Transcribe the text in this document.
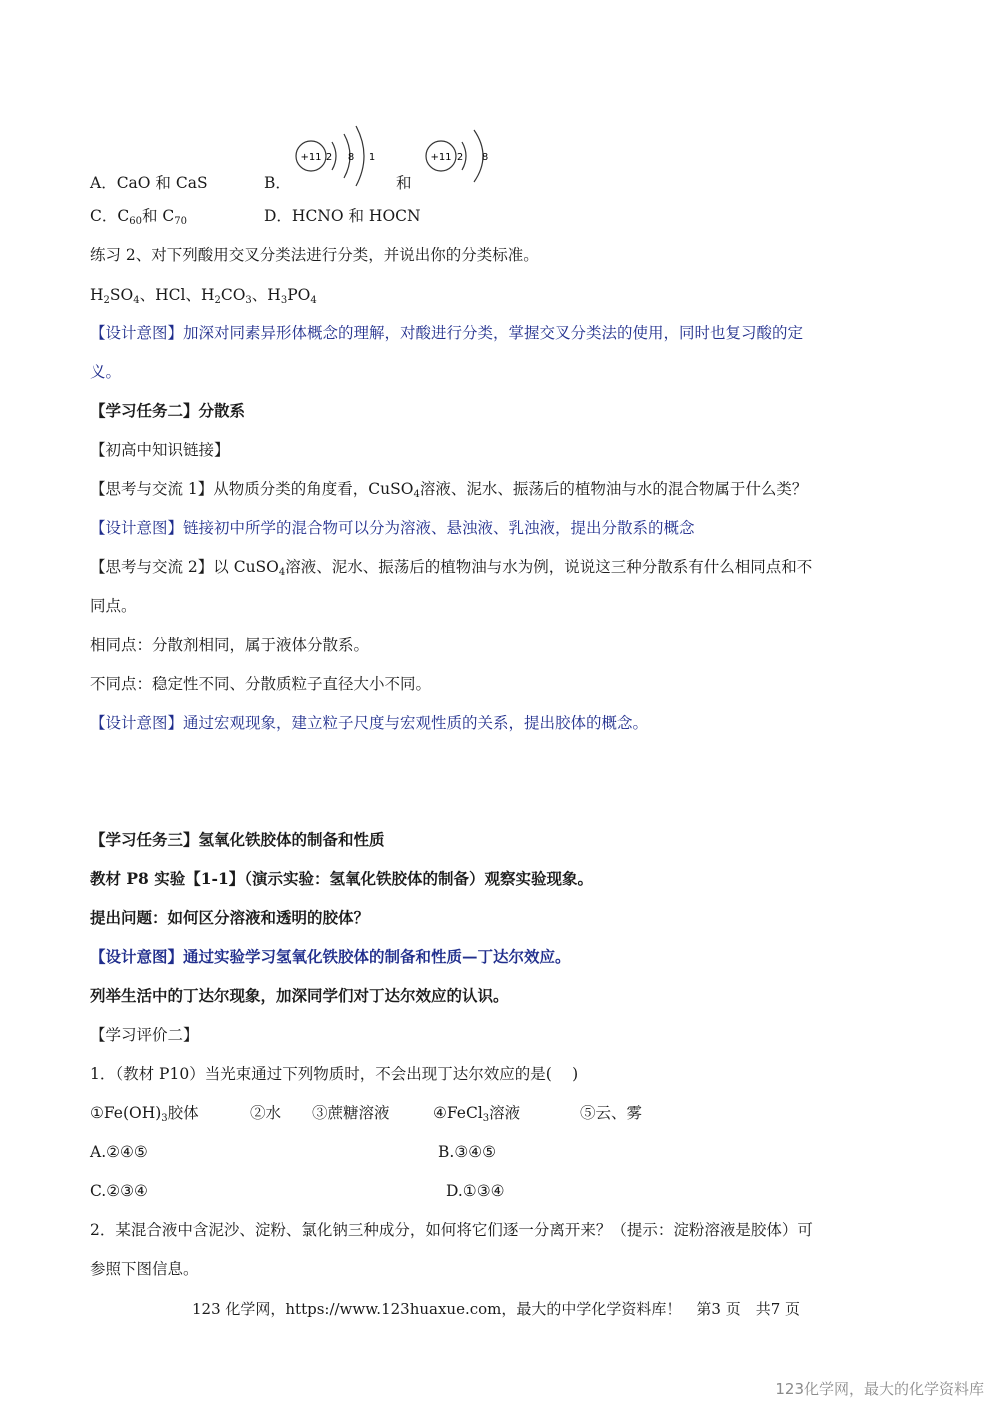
A．CaO 和 CaS	B．
+11 2 8 1
和
+11 2 8
C．$C_{60}$和 $C_{70}$	D．HCNO 和 HOCN
练习 2、对下列酸用交叉分类法进行分类，并说出你的分类标准。
$H_2SO_4$、HCl、$H_2CO_3$、$H_3PO_4$
【设计意图】加深对同素异形体概念的理解，对酸进行分类，掌握交叉分类法的使用，同时也复习酸的定
义。
【学习任务二】分散系
【初高中知识链接】
【思考与交流 1】从物质分类的角度看，CuSO$_4$溶液、泥水、振荡后的植物油与水的混合物属于什么类？
【设计意图】链接初中所学的混合物可以分为溶液、悬浊液、乳浊液，提出分散系的概念
【思考与交流 2】以 CuSO$_4$溶液、泥水、振荡后的植物油与水为例，说说这三种分散系有什么相同点和不
同点。
相同点：分散剂相同，属于液体分散系。
不同点：稳定性不同、分散质粒子直径大小不同。
【设计意图】通过宏观现象，建立粒子尺度与宏观性质的关系，提出胶体的概念。
【学习任务三】氢氧化铁胶体的制备和性质
教材 P8 实验【1-1】（演示实验：氢氧化铁胶体的制备）观察实验现象。
提出问题：如何区分溶液和透明的胶体？
【设计意图】通过实验学习氢氧化铁胶体的制备和性质—丁达尔效应。
列举生活中的丁达尔现象，加深同学们对丁达尔效应的认识。
【学习评价二】
1．（教材 P10）当光束通过下列物质时，不会出现丁达尔效应的是(　 )
$①Fe(OH)_3$胶体	②水 ③蔗糖溶液	④FeCl$_3$溶液	⑤云、雾
A.②④⑤	B.③④⑤
C.②③④	D.①③④
2．某混合液中含泥沙、淀粉、氯化钠三种成分，如何将它们逐一分离开来？（提示：淀粉溶液是胶体）可
参照下图信息。
123 化学网，https://www.123huaxue.com，最大的中学化学资料库！　第3 页　共7 页
123化学网，最大的化学资料库
